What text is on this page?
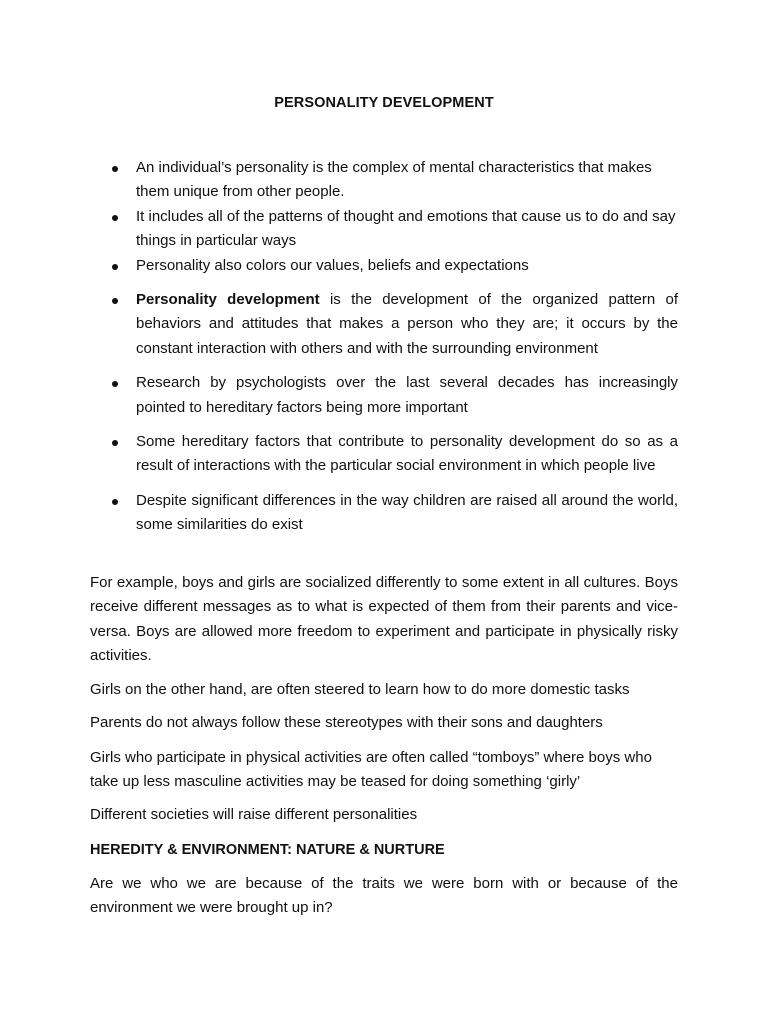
PERSONALITY DEVELOPMENT
An individual’s personality is the complex of mental characteristics that makes them unique from other people.
It includes all of the patterns of thought and emotions that cause us to do and say things in particular ways
Personality also colors our values, beliefs and expectations
Personality development is the development of the organized pattern of behaviors and attitudes that makes a person who they are; it occurs by the constant interaction with others and with the surrounding environment
Research by psychologists over the last several decades has increasingly pointed to hereditary factors being more important
Some hereditary factors that contribute to personality development do so as a result of interactions with the particular social environment in which people live
Despite significant differences in the way children are raised all around the world, some similarities do exist

For example, boys and girls are socialized differently to some extent in all cultures. Boys receive different messages as to what is expected of them from their parents and vice-versa. Boys are allowed more freedom to experiment and participate in physically risky activities.

Girls on the other hand, are often steered to learn how to do more domestic tasks

Parents do not always follow these stereotypes with their sons and daughters

Girls who participate in physical activities are often called “tomboys” where boys who take up less masculine activities may be teased for doing something ‘girly’

Different societies will raise different personalities

HEREDITY & ENVIRONMENT: NATURE & NURTURE

Are we who we are because of the traits we were born with or because of the environment we were brought up in?
